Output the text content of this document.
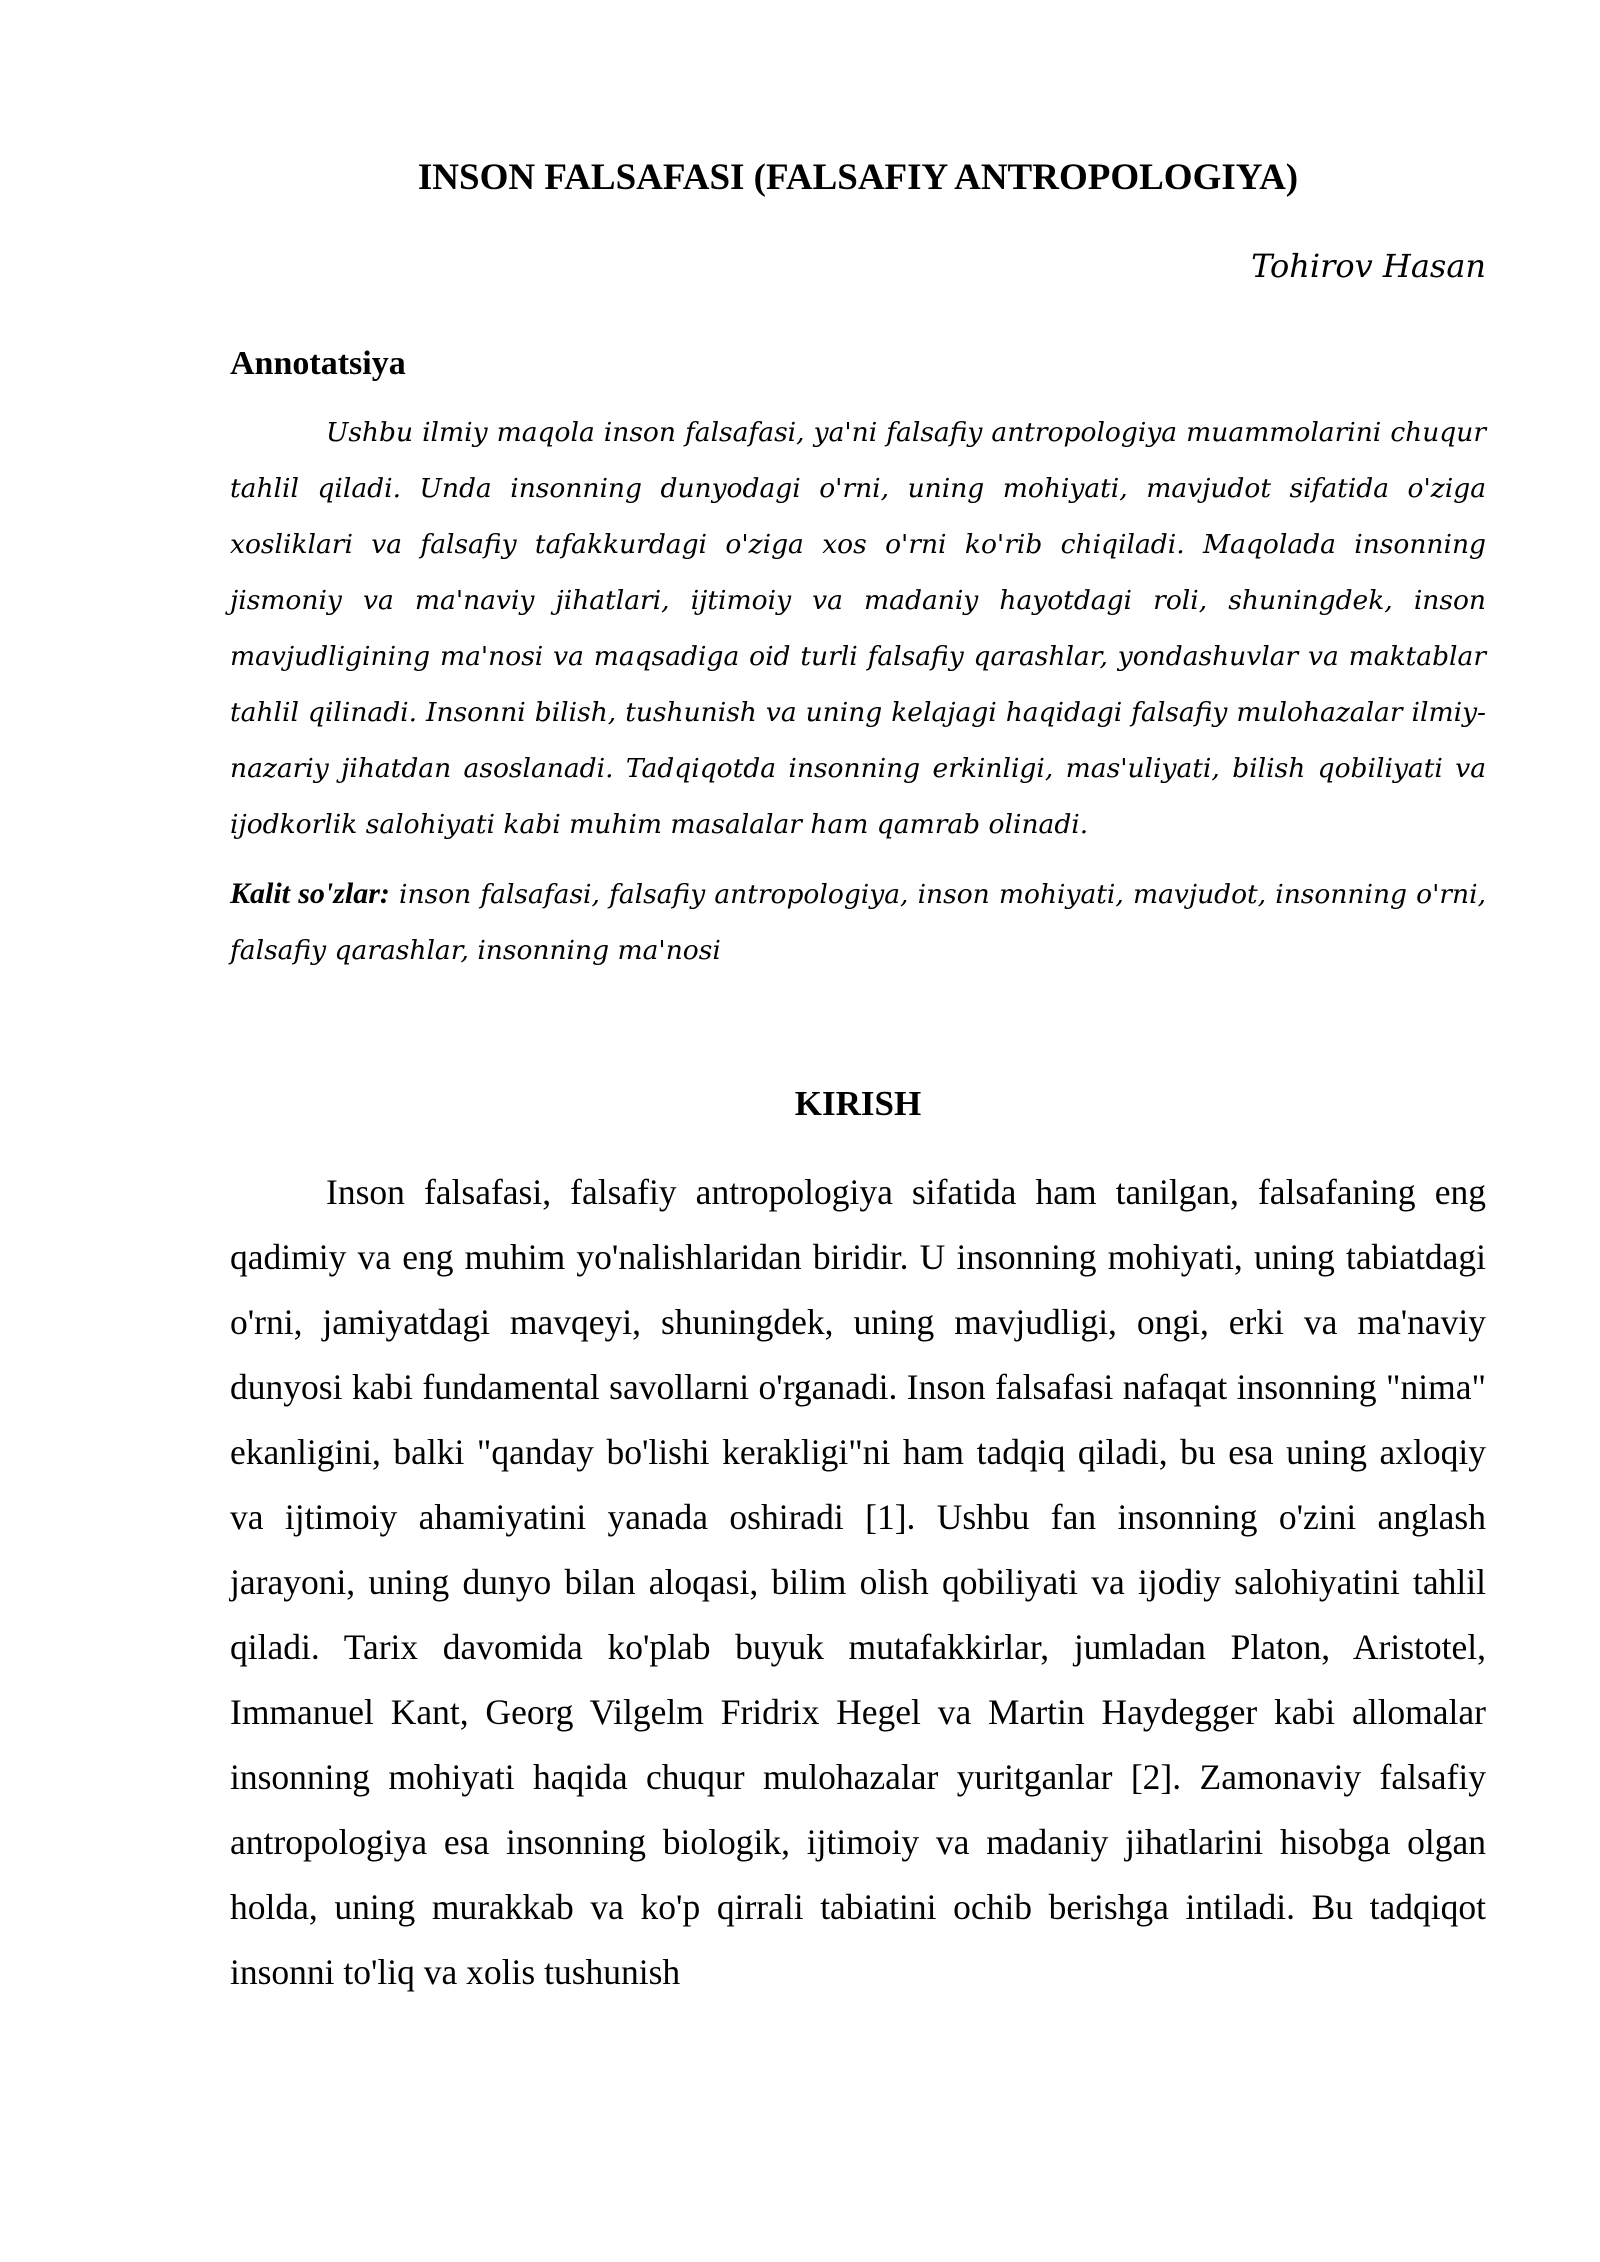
INSON FALSAFASI (FALSAFIY ANTROPOLOGIYA)

Tohirov Hasan

Annotatsiya

Ushbu ilmiy maqola inson falsafasi, ya'ni falsafiy antropologiya muammolarini chuqur tahlil qiladi. Unda insonning dunyodagi o'rni, uning mohiyati, mavjudot sifatida o'ziga xosliklari va falsafiy tafakkurdagi o'ziga xos o'rni ko'rib chiqiladi. Maqolada insonning jismoniy va ma'naviy jihatlari, ijtimoiy va madaniy hayotdagi roli, shuningdek, inson mavjudligining ma'nosi va maqsadiga oid turli falsafiy qarashlar, yondashuvlar va maktablar tahlil qilinadi. Insonni bilish, tushunish va uning kelajagi haqidagi falsafiy mulohazalar ilmiy-nazariy jihatdan asoslanadi. Tadqiqotda insonning erkinligi, mas'uliyati, bilish qobiliyati va ijodkorlik salohiyati kabi muhim masalalar ham qamrab olinadi.

Kalit so'zlar: inson falsafasi, falsafiy antropologiya, inson mohiyati, mavjudot, insonning o'rni, falsafiy qarashlar, insonning ma'nosi

KIRISH

Inson falsafasi, falsafiy antropologiya sifatida ham tanilgan, falsafaning eng qadimiy va eng muhim yo'nalishlaridan biridir. U insonning mohiyati, uning tabiatdagi o'rni, jamiyatdagi mavqeyi, shuningdek, uning mavjudligi, ongi, erki va ma'naviy dunyosi kabi fundamental savollarni o'rganadi. Inson falsafasi nafaqat insonning "nima" ekanligini, balki "qanday bo'lishi kerakligi"ni ham tadqiq qiladi, bu esa uning axloqiy va ijtimoiy ahamiyatini yanada oshiradi [1]. Ushbu fan insonning o'zini anglash jarayoni, uning dunyo bilan aloqasi, bilim olish qobiliyati va ijodiy salohiyatini tahlil qiladi. Tarix davomida ko'plab buyuk mutafakkirlar, jumladan Platon, Aristotel, Immanuel Kant, Georg Vilgelm Fridrix Hegel va Martin Haydegger kabi allomalar insonning mohiyati haqida chuqur mulohazalar yuritganlar [2]. Zamonaviy falsafiy antropologiya esa insonning biologik, ijtimoiy va madaniy jihatlarini hisobga olgan holda, uning murakkab va ko'p qirrali tabiatini ochib berishga intiladi. Bu tadqiqot insonni to'liq va xolis tushunish
